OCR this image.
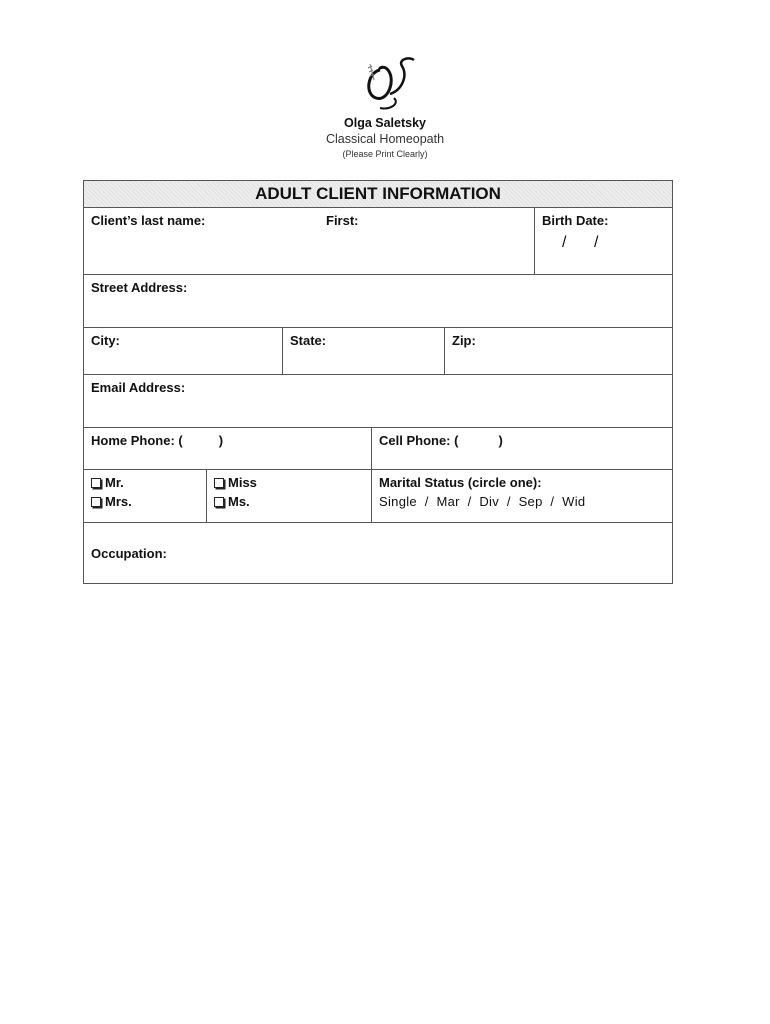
Olga Saletsky
Classical Homeopath
(Please Print Clearly)
ADULT CLIENT INFORMATION
Client’s last name:	First:	Birth Date:
/ /
Street Address:
City:	State:	Zip:
Email Address:
Home Phone: (	)	Cell Phone: (	)
Mr.
Mrs.
Miss
Ms.
Marital Status (circle one):
Single  /  Mar  /  Div  /  Sep  /  Wid
Occupation:
